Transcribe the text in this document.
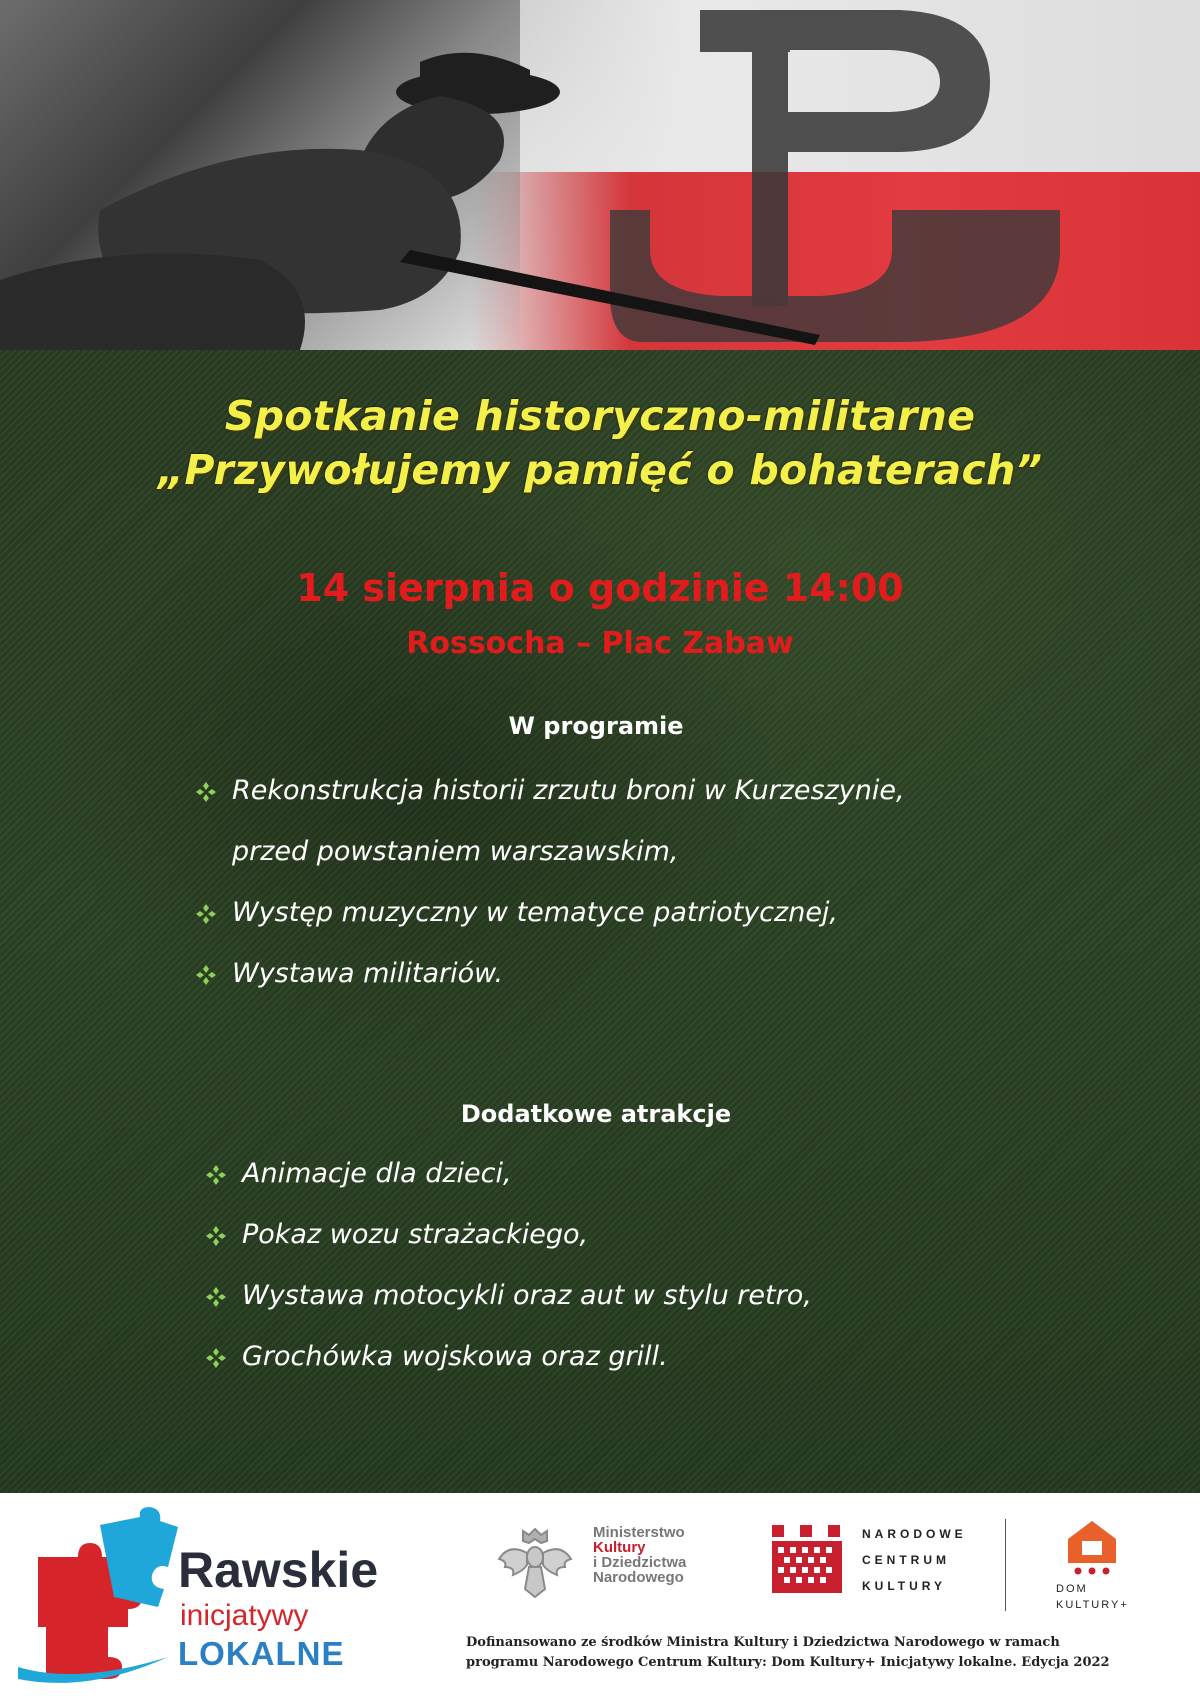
Spotkanie historyczno-militarne
„Przywołujemy pamięć o bohaterach”
14 sierpnia o godzinie 14:00
Rossocha – Plac Zabaw
W programie
Rekonstrukcja historii zrzutu broni w Kurzeszynie,
przed powstaniem warszawskim,
Występ muzyczny w tematyce patriotycznej,
Wystawa militariów.
Dodatkowe atrakcje
Animacje dla dzieci,
Pokaz wozu strażackiego,
Wystawa motocykli oraz aut w stylu retro,
Grochówka wojskowa oraz grill.
Rawskie
inicjatywy
LOKALNE
Ministerstwo
Kultury
i Dziedzictwa
Narodowego
NARODOWE
CENTRUM
KULTURY	DOM
KULTURY+
Dofinansowano ze środków Ministra Kultury i Dziedzictwa Narodowego w ramach
programu Narodowego Centrum Kultury: Dom Kultury+ Inicjatywy lokalne. Edycja 2022
